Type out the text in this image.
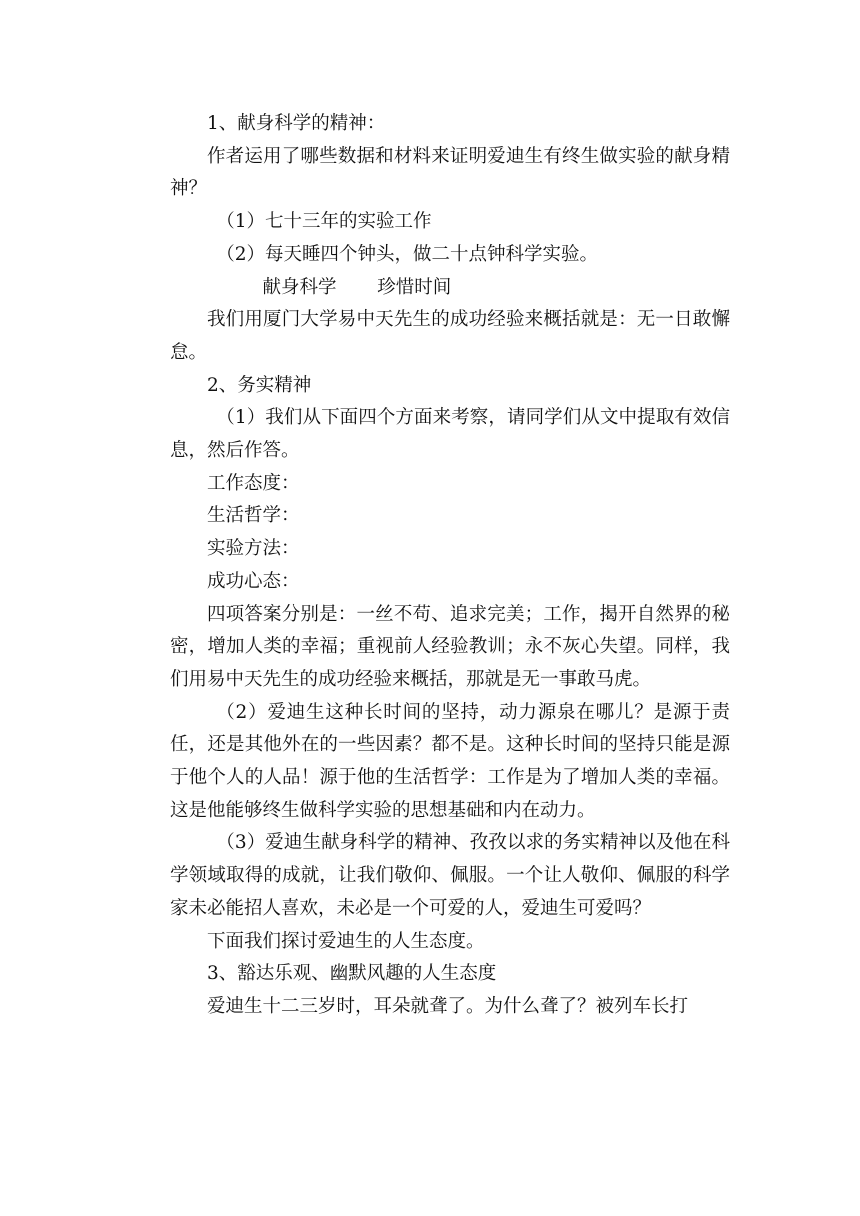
1、献身科学的精神：

作者运用了哪些数据和材料来证明爱迪生有终生做实验的献身精神？

（1）七十三年的实验工作

（2）每天睡四个钟头，做二十点钟科学实验。

献身科学 珍惜时间

我们用厦门大学易中天先生的成功经验来概括就是：无一日敢懈怠。

2、务实精神

（1）我们从下面四个方面来考察，请同学们从文中提取有效信息，然后作答。

工作态度：

生活哲学：

实验方法：

成功心态：

四项答案分别是：一丝不苟、追求完美；工作，揭开自然界的秘密，增加人类的幸福；重视前人经验教训；永不灰心失望。同样，我们用易中天先生的成功经验来概括，那就是无一事敢马虎。

（2）爱迪生这种长时间的坚持，动力源泉在哪儿？是源于责任，还是其他外在的一些因素？都不是。这种长时间的坚持只能是源于他个人的人品！源于他的生活哲学：工作是为了增加人类的幸福。这是他能够终生做科学实验的思想基础和内在动力。

（3）爱迪生献身科学的精神、孜孜以求的务实精神以及他在科学领域取得的成就，让我们敬仰、佩服。一个让人敬仰、佩服的科学家未必能招人喜欢，未必是一个可爱的人，爱迪生可爱吗？

下面我们探讨爱迪生的人生态度。

3、豁达乐观、幽默风趣的人生态度

爱迪生十二三岁时，耳朵就聋了。为什么聋了？被列车长打
